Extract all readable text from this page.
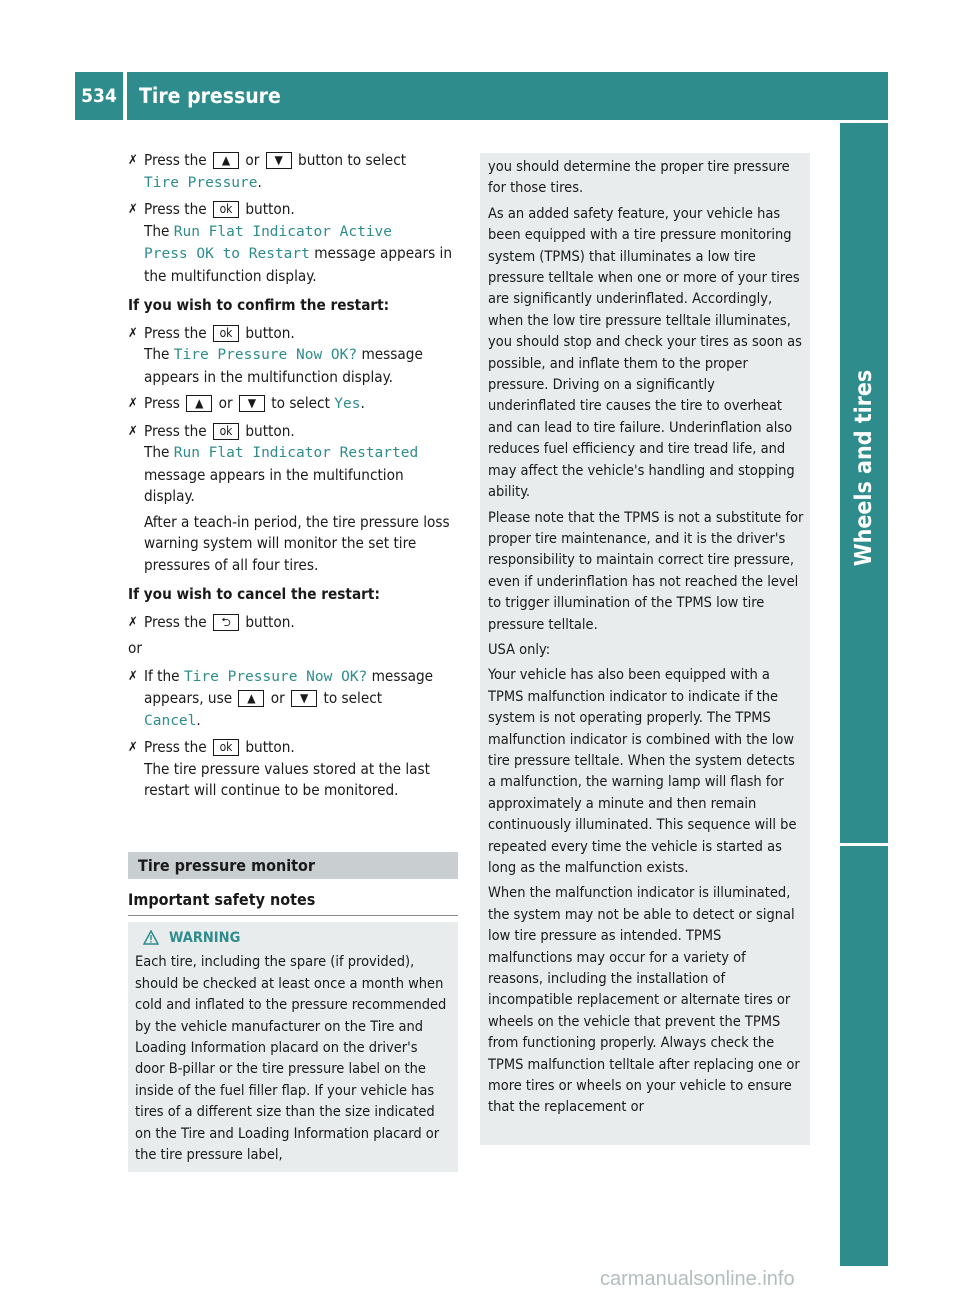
534	Tire pressure
Wheels and tires
✗ Press the ▲ or ▼ button to select
Tire Pressure.
✗ Press the ok button.
The Run Flat Indicator Active
Press OK to Restart message appears in the multifunction display.
If you wish to confirm the restart:
✗ Press the ok button.
The Tire Pressure Now OK? message appears in the multifunction display.
✗ Press ▲ or ▼ to select Yes.
✗ Press the ok button.
The Run Flat Indicator Restarted message appears in the multifunction display.
After a teach-in period, the tire pressure loss warning system will monitor the set tire pressures of all four tires.
If you wish to cancel the restart:
✗ Press the ⮌ button.
or
✗ If the Tire Pressure Now OK? message appears, use ▲ or ▼ to select
Cancel.
✗ Press the ok button.
The tire pressure values stored at the last restart will continue to be monitored.
Tire pressure monitor
Important safety notes
WARNING
Each tire, including the spare (if provided), should be checked at least once a month when cold and inflated to the pressure recommended by the vehicle manufacturer on the Tire and Loading Information placard on the driver's door B-pillar or the tire pressure label on the inside of the fuel filler flap. If your vehicle has tires of a different size than the size indicated on the Tire and Loading Information placard or the tire pressure label,

you should determine the proper tire pressure for those tires.

As an added safety feature, your vehicle has been equipped with a tire pressure monitoring system (TPMS) that illuminates a low tire pressure telltale when one or more of your tires are significantly underinflated. Accordingly, when the low tire pressure telltale illuminates, you should stop and check your tires as soon as possible, and inflate them to the proper pressure. Driving on a significantly underinflated tire causes the tire to overheat and can lead to tire failure. Underinflation also reduces fuel efficiency and tire tread life, and may affect the vehicle's handling and stopping ability.

Please note that the TPMS is not a substitute for proper tire maintenance, and it is the driver's responsibility to maintain correct tire pressure, even if underinflation has not reached the level to trigger illumination of the TPMS low tire pressure telltale.

USA only:

Your vehicle has also been equipped with a TPMS malfunction indicator to indicate if the system is not operating properly. The TPMS malfunction indicator is combined with the low tire pressure telltale. When the system detects a malfunction, the warning lamp will flash for approximately a minute and then remain continuously illuminated. This sequence will be repeated every time the vehicle is started as long as the malfunction exists.

When the malfunction indicator is illuminated, the system may not be able to detect or signal low tire pressure as intended. TPMS malfunctions may occur for a variety of reasons, including the installation of incompatible replacement or alternate tires or wheels on the vehicle that prevent the TPMS from functioning properly. Always check the TPMS malfunction telltale after replacing one or more tires or wheels on your vehicle to ensure that the replacement or

carmanualsonline.info
